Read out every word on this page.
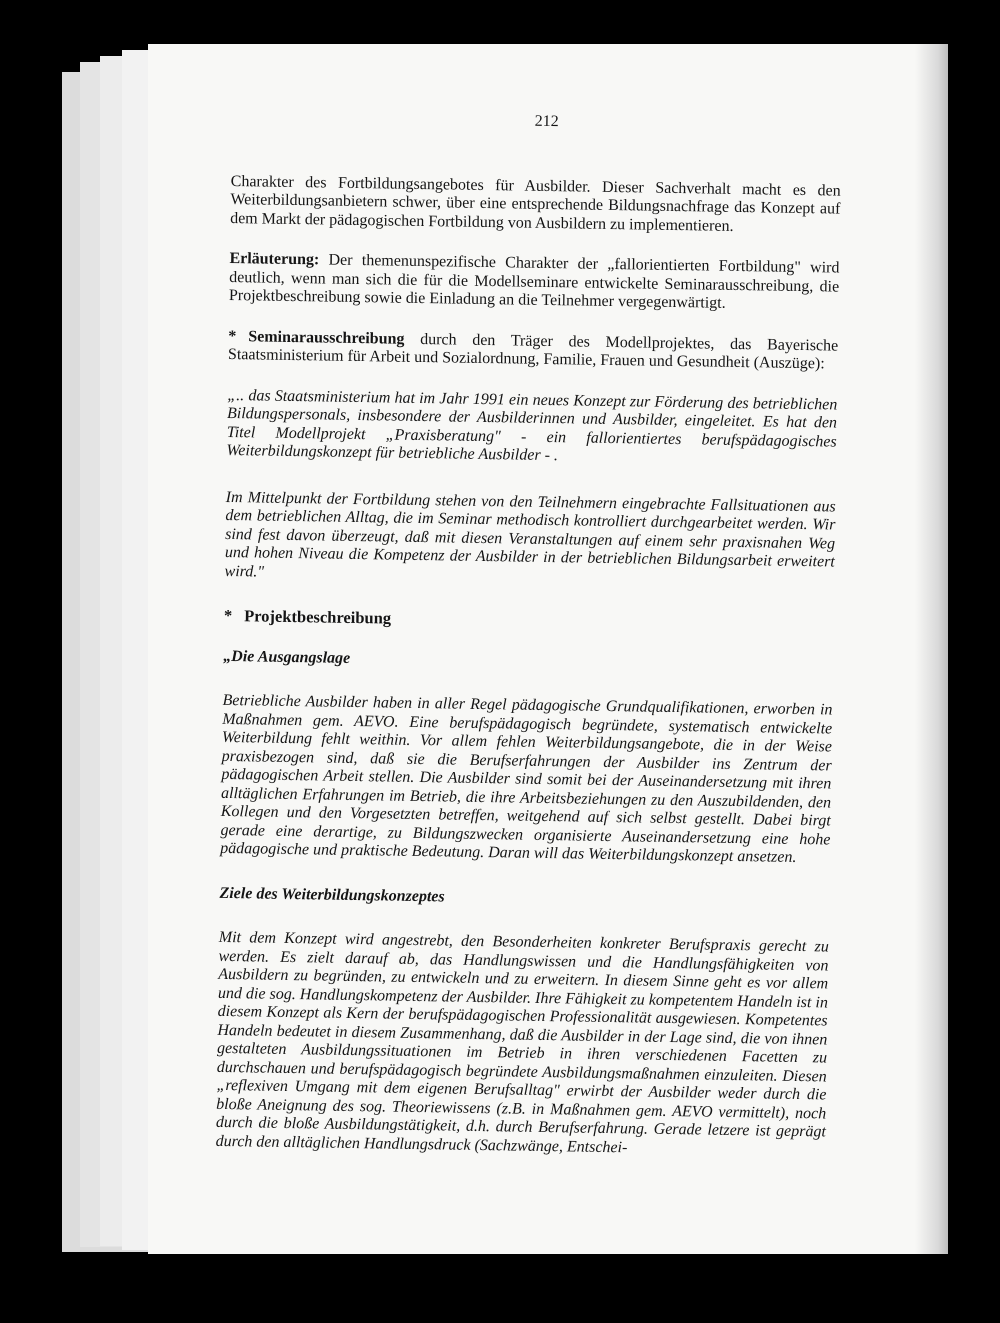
212

Charakter des Fortbildungsangebotes für Ausbilder. Dieser Sachverhalt macht es den Weiterbildungsanbietern schwer, über eine entsprechende Bildungsnachfrage das Konzept auf dem Markt der pädagogischen Fortbildung von Ausbildern zu implementieren.

Erläuterung: Der themenunspezifische Charakter der „fallorientierten Fortbildung" wird deutlich, wenn man sich die für die Modellseminare entwickelte Seminarausschreibung, die Projektbeschreibung sowie die Einladung an die Teilnehmer vergegenwärtigt.

* Seminarausschreibung durch den Träger des Modellprojektes, das Bayerische Staatsministerium für Arbeit und Sozialordnung, Familie, Frauen und Gesundheit (Auszüge):

„.. das Staatsministerium hat im Jahr 1991 ein neues Konzept zur Förderung des betrieblichen Bildungspersonals, insbesondere der Ausbilderinnen und Ausbilder, eingeleitet. Es hat den Titel Modellprojekt „Praxisberatung" - ein fallorientiertes berufspädagogisches Weiterbildungskonzept für betriebliche Ausbilder - .

Im Mittelpunkt der Fortbildung stehen von den Teilnehmern eingebrachte Fallsituationen aus dem betrieblichen Alltag, die im Seminar methodisch kontrolliert durchgearbeitet werden. Wir sind fest davon überzeugt, daß mit diesen Veranstaltungen auf einem sehr praxisnahen Weg und hohen Niveau die Kompetenz der Ausbilder in der betrieblichen Bildungsarbeit erweitert wird."

* Projektbeschreibung

„Die Ausgangslage

Betriebliche Ausbilder haben in aller Regel pädagogische Grundqualifikationen, erworben in Maßnahmen gem. AEVO. Eine berufspädagogisch begründete, systematisch entwickelte Weiterbildung fehlt weithin. Vor allem fehlen Weiterbildungsangebote, die in der Weise praxisbezogen sind, daß sie die Berufserfahrungen der Ausbilder ins Zentrum der pädagogischen Arbeit stellen. Die Ausbilder sind somit bei der Auseinandersetzung mit ihren alltäglichen Erfahrungen im Betrieb, die ihre Arbeitsbeziehungen zu den Auszubildenden, den Kollegen und den Vorgesetzten betreffen, weitgehend auf sich selbst gestellt. Dabei birgt gerade eine derartige, zu Bildungszwecken organisierte Auseinandersetzung eine hohe pädagogische und praktische Bedeutung. Daran will das Weiterbildungskonzept ansetzen.

Ziele des Weiterbildungskonzeptes

Mit dem Konzept wird angestrebt, den Besonderheiten konkreter Berufspraxis gerecht zu werden. Es zielt darauf ab, das Handlungswissen und die Handlungsfähigkeiten von Ausbildern zu begründen, zu entwickeln und zu erweitern. In diesem Sinne geht es vor allem und die sog. Handlungskompetenz der Ausbilder. Ihre Fähigkeit zu kompetentem Handeln ist in diesem Konzept als Kern der berufspädagogischen Professionalität ausgewiesen. Kompetentes Handeln bedeutet in diesem Zusammenhang, daß die Ausbilder in der Lage sind, die von ihnen gestalteten Ausbildungssituationen im Betrieb in ihren verschiedenen Facetten zu durchschauen und berufspädagogisch begründete Ausbildungsmaßnahmen einzuleiten. Diesen „reflexiven Umgang mit dem eigenen Berufsalltag" erwirbt der Ausbilder weder durch die bloße Aneignung des sog. Theoriewissens (z.B. in Maßnahmen gem. AEVO vermittelt), noch durch die bloße Ausbildungstätigkeit, d.h. durch Berufserfahrung. Gerade letzere ist geprägt durch den alltäglichen Handlungsdruck (Sachzwänge, Entschei-
